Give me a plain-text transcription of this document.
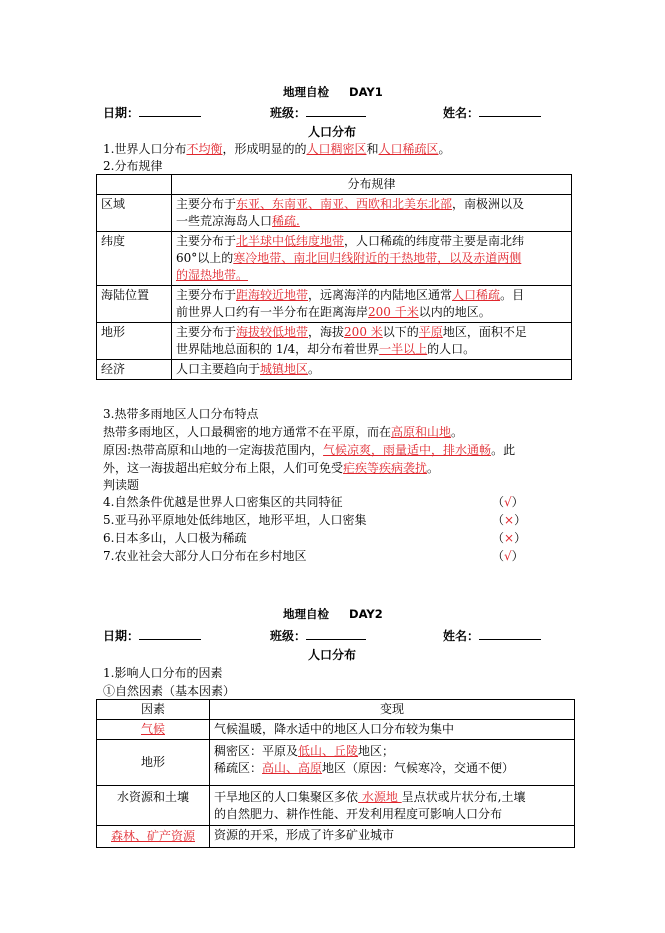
地理自检 DAY1
日期：	班级：	姓名：
人口分布
1.世界人口分布不均衡，形成明显的的人口稠密区和人口稀疏区。
2.分布规律
	分布规律
区域	主要分布于东亚、东南亚、南亚、西欧和北美东北部，南极洲以及
一些荒凉海岛人口稀疏.
纬度	主要分布于北半球中低纬度地带，人口稀疏的纬度带主要是南北纬
60°以上的寒冷地带、南北回归线附近的干热地带，以及赤道两侧
的湿热地带。
海陆位置	主要分布于距海较近地带，远离海洋的内陆地区通常人口稀疏。目
前世界人口约有一半分布在距离海岸200 千米以内的地区。
地形	主要分布于海拔较低地带，海拔200 米以下的平原地区，面积不足
世界陆地总面积的 1/4，却分布着世界一半以上的人口。
经济	人口主要趋向于城镇地区。
3.热带多雨地区人口分布特点
热带多雨地区，人口最稠密的地方通常不在平原，而在高原和山地。
原因:热带高原和山地的一定海拔范围内，气候凉爽，雨量适中，排水通畅。此
外，这一海拔超出疟蚊分布上限，人们可免受疟疾等疾病袭扰。
判读题
4.自然条件优越是世界人口密集区的共同特征	（√）
5.亚马孙平原地处低纬地区，地形平坦，人口密集	（×）
6.日本多山，人口极为稀疏	（×）
7.农业社会大部分人口分布在乡村地区	（√）
地理自检 DAY2
日期：	班级：	姓名：
人口分布
1.影响人口分布的因素
①自然因素（基本因素）
因素	变现
气候	气候温暖，降水适中的地区人口分布较为集中
地形	稠密区：平原及低山、丘陵地区；
稀疏区：高山、高原地区（原因：气候寒冷，交通不便）
水资源和土壤	干旱地区的人口集聚区多依 水源地 呈点状或片状分布,土壤
的自然肥力、耕作性能、开发利用程度可影响人口分布
森林、矿产资源	资源的开采，形成了许多矿业城市
